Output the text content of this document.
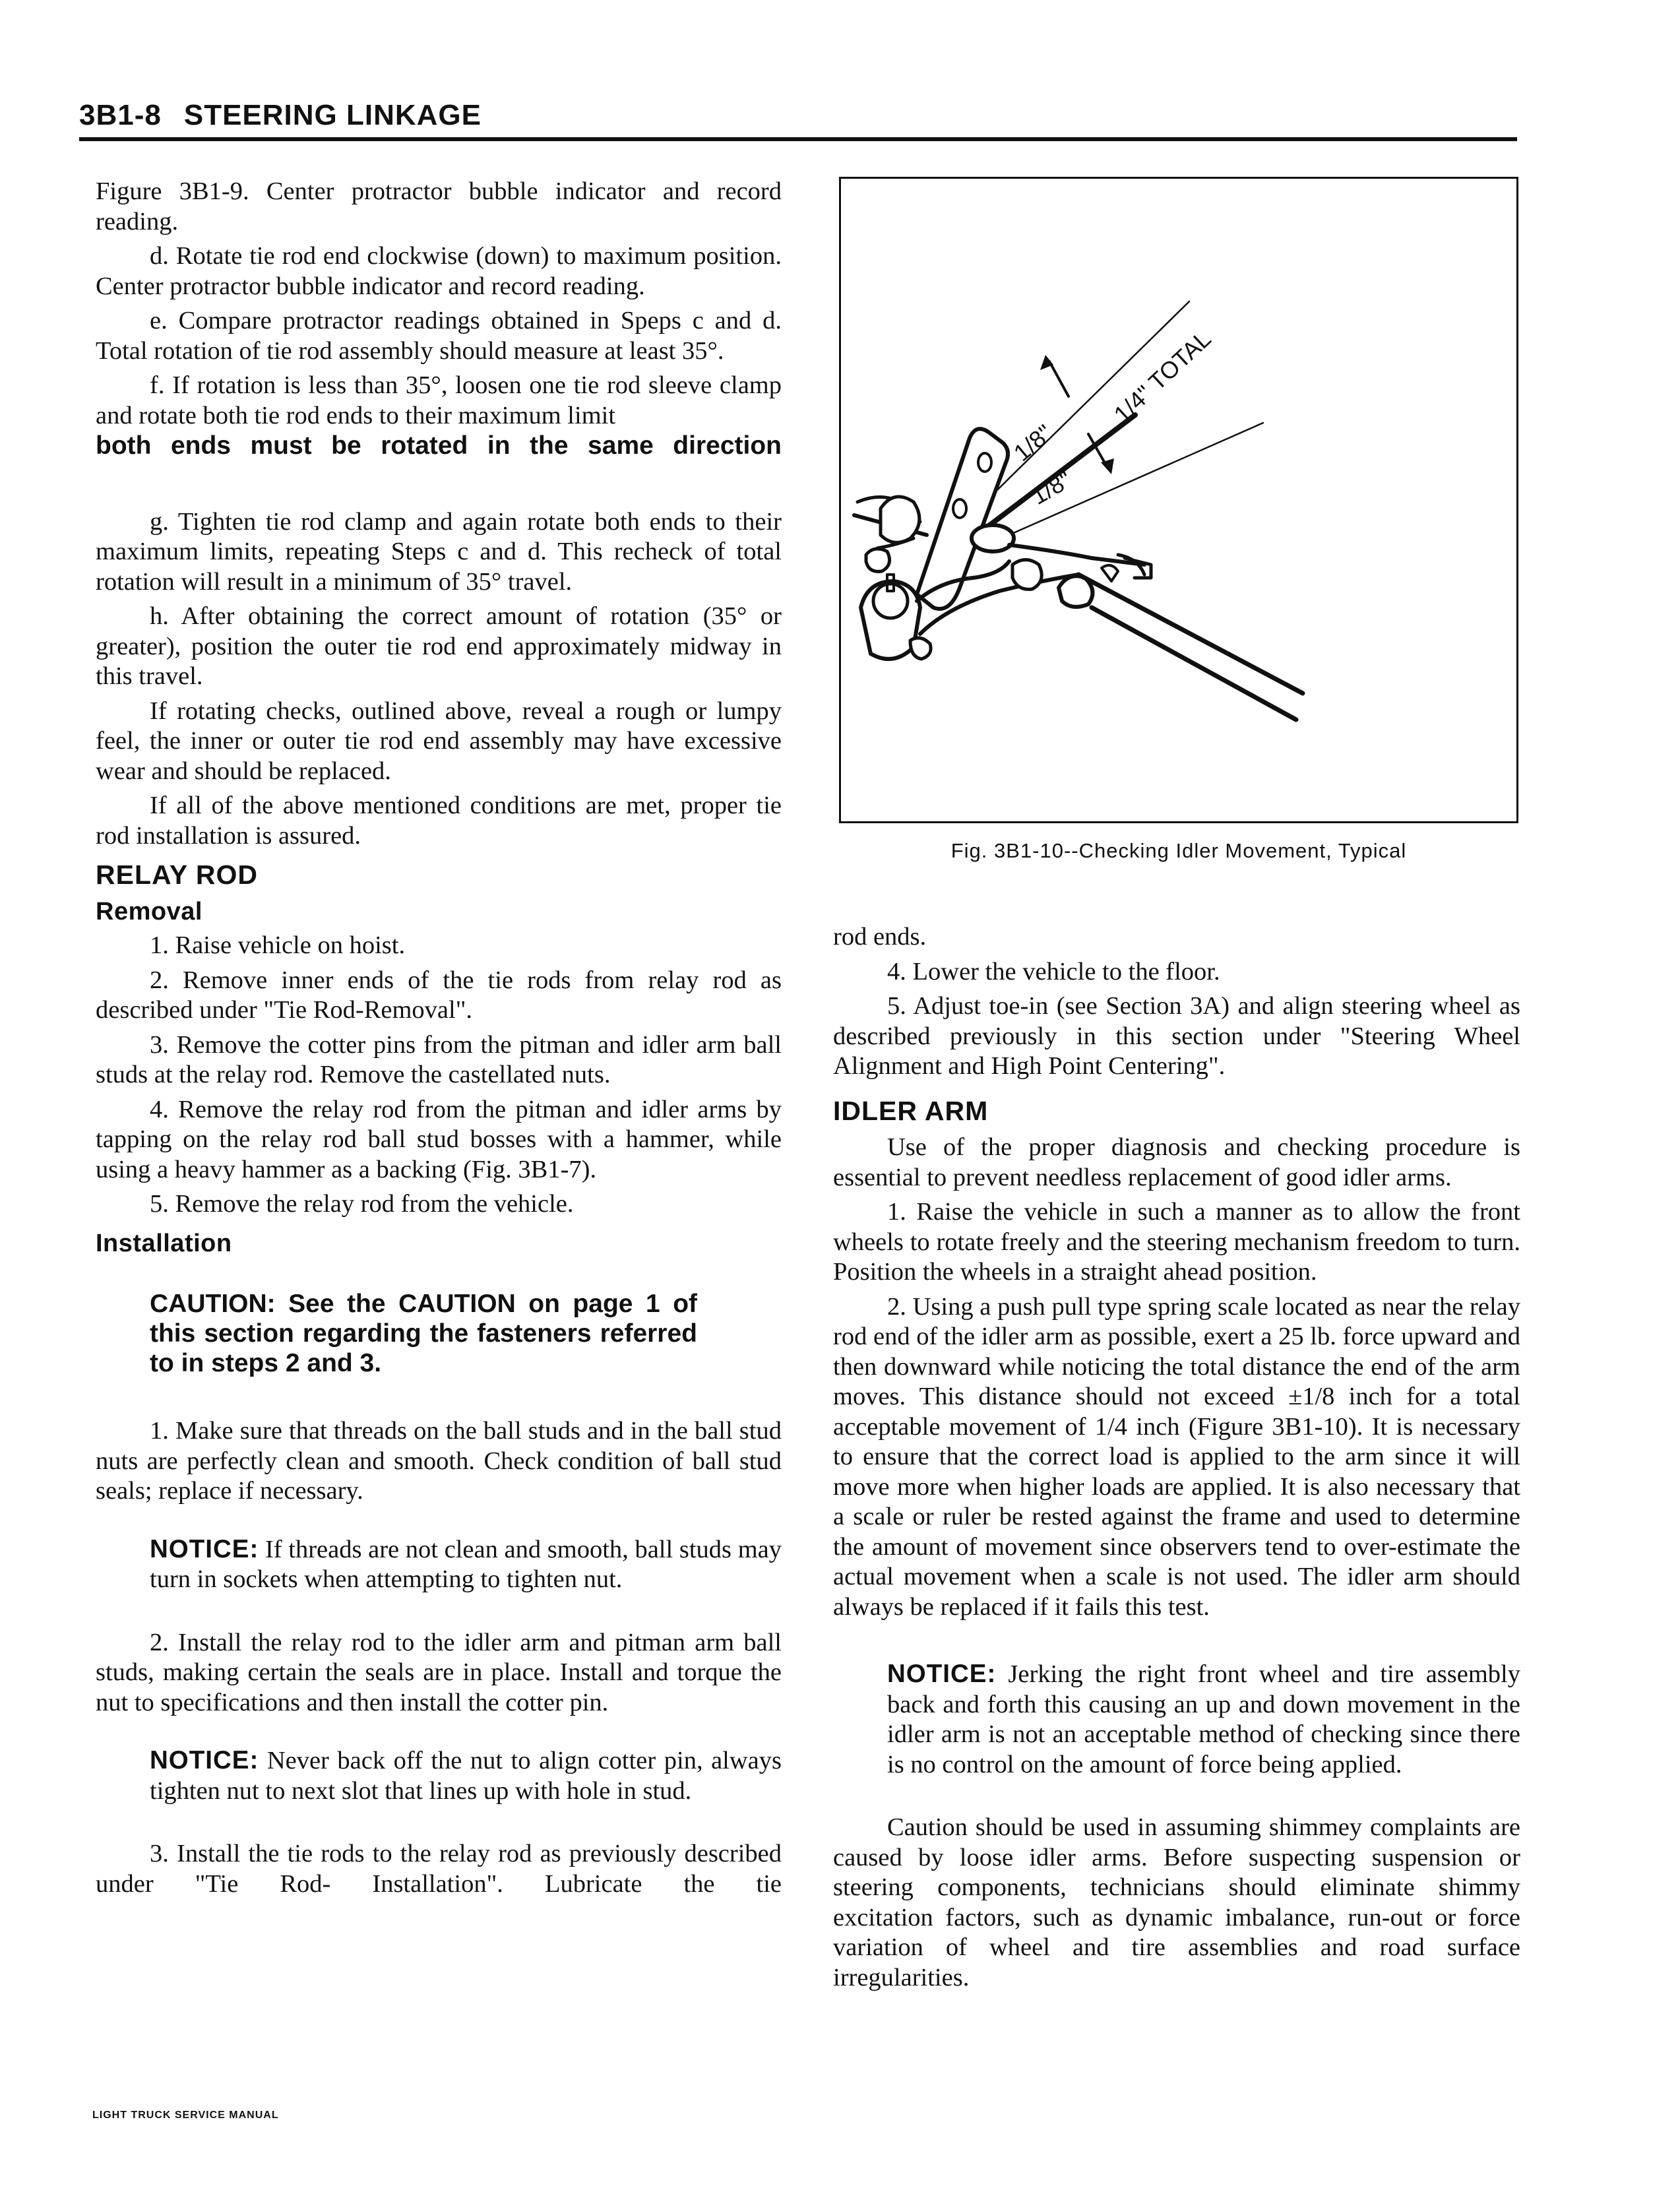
3B1-8 STEERING LINKAGE

Figure 3B1-9. Center protractor bubble indicator and record reading.

d. Rotate tie rod end clockwise (down) to maximum position. Center protractor bubble indicator and record reading.

e. Compare protractor readings obtained in Speps c and d. Total rotation of tie rod assembly should measure at least 35°.

f. If rotation is less than 35°, loosen one tie rod sleeve clamp and rotate both tie rod ends to their maximum limit

both ends must be rotated in the same direction

g. Tighten tie rod clamp and again rotate both ends to their maximum limits, repeating Steps c and d. This recheck of total rotation will result in a minimum of 35° travel.

h. After obtaining the correct amount of rotation (35° or greater), position the outer tie rod end approximately midway in this travel.

If rotating checks, outlined above, reveal a rough or lumpy feel, the inner or outer tie rod end assembly may have excessive wear and should be replaced.

If all of the above mentioned conditions are met, proper tie rod installation is assured.

RELAY ROD
Removal

1. Raise vehicle on hoist.

2. Remove inner ends of the tie rods from relay rod as described under "Tie Rod-Removal".

3. Remove the cotter pins from the pitman and idler arm ball studs at the relay rod. Remove the castellated nuts.

4. Remove the relay rod from the pitman and idler arms by tapping on the relay rod ball stud bosses with a hammer, while using a heavy hammer as a backing (Fig. 3B1-7).

5. Remove the relay rod from the vehicle.

Installation
CAUTION: See the CAUTION on page 1 of this section regarding the fasteners referred to in steps 2 and 3.

1. Make sure that threads on the ball studs and in the ball stud nuts are perfectly clean and smooth. Check condition of ball stud seals; replace if necessary.

NOTICE: If threads are not clean and smooth, ball studs may turn in sockets when attempting to tighten nut.

2. Install the relay rod to the idler arm and pitman arm ball studs, making certain the seals are in place. Install and torque the nut to specifications and then install the cotter pin.

NOTICE: Never back off the nut to align cotter pin, always tighten nut to next slot that lines up with hole in stud.

3. Install the tie rods to the relay rod as previously described under "Tie Rod- Installation". Lubricate the tie

1/8"
1/8"
1/4" TOTAL
Fig. 3B1-10--Checking Idler Movement, Typical

rod ends.

4. Lower the vehicle to the floor.

5. Adjust toe-in (see Section 3A) and align steering wheel as described previously in this section under "Steering Wheel Alignment and High Point Centering".

IDLER ARM

Use of the proper diagnosis and checking procedure is essential to prevent needless replacement of good idler arms.

1. Raise the vehicle in such a manner as to allow the front wheels to rotate freely and the steering mechanism freedom to turn. Position the wheels in a straight ahead position.

2. Using a push pull type spring scale located as near the relay rod end of the idler arm as possible, exert a 25 lb. force upward and then downward while noticing the total distance the end of the arm moves. This distance should not exceed ±1/8 inch for a total acceptable movement of 1/4 inch (Figure 3B1-10). It is necessary to ensure that the correct load is applied to the arm since it will move more when higher loads are applied. It is also necessary that a scale or ruler be rested against the frame and used to determine the amount of movement since observers tend to over-estimate the actual movement when a scale is not used. The idler arm should always be replaced if it fails this test.

NOTICE: Jerking the right front wheel and tire assembly back and forth this causing an up and down movement in the idler arm is not an acceptable method of checking since there is no control on the amount of force being applied.

Caution should be used in assuming shimmey complaints are caused by loose idler arms. Before suspecting suspension or steering components, technicians should eliminate shimmy excitation factors, such as dynamic imbalance, run-out or force variation of wheel and tire assemblies and road surface irregularities.

LIGHT TRUCK SERVICE MANUAL
